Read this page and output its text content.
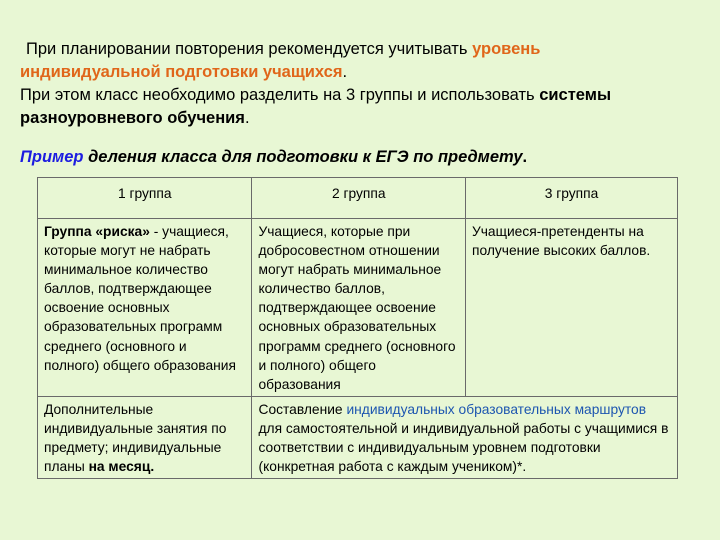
При планировании повторения рекомендуется учитывать уровень
индивидуальной подготовки учащихся.
При этом класс необходимо разделить на 3 группы и использовать системы
разноуровневого обучения.
Пример деления класса для подготовки к ЕГЭ по предмету.
1 группа	2 группа	3 группа
Группа «риска» - учащиеся, которые могут не набрать минимальное количество баллов, подтверждающее освоение основных образовательных программ среднего (основного и полного) общего образования	Учащиеся, которые при добросовестном отношении могут набрать минимальное количество баллов, подтверждающее освоение основных образовательных программ среднего (основного и полного) общего образования	Учащиеся-претенденты на получение высоких баллов.
Дополнительные индивидуальные занятия по предмету; индивидуальные планы на месяц.	Составление индивидуальных образовательных маршрутов для самостоятельной и индивидуальной работы с учащимися в соответствии с индивидуальным уровнем подготовки (конкретная работа с каждым учеником)*.	
